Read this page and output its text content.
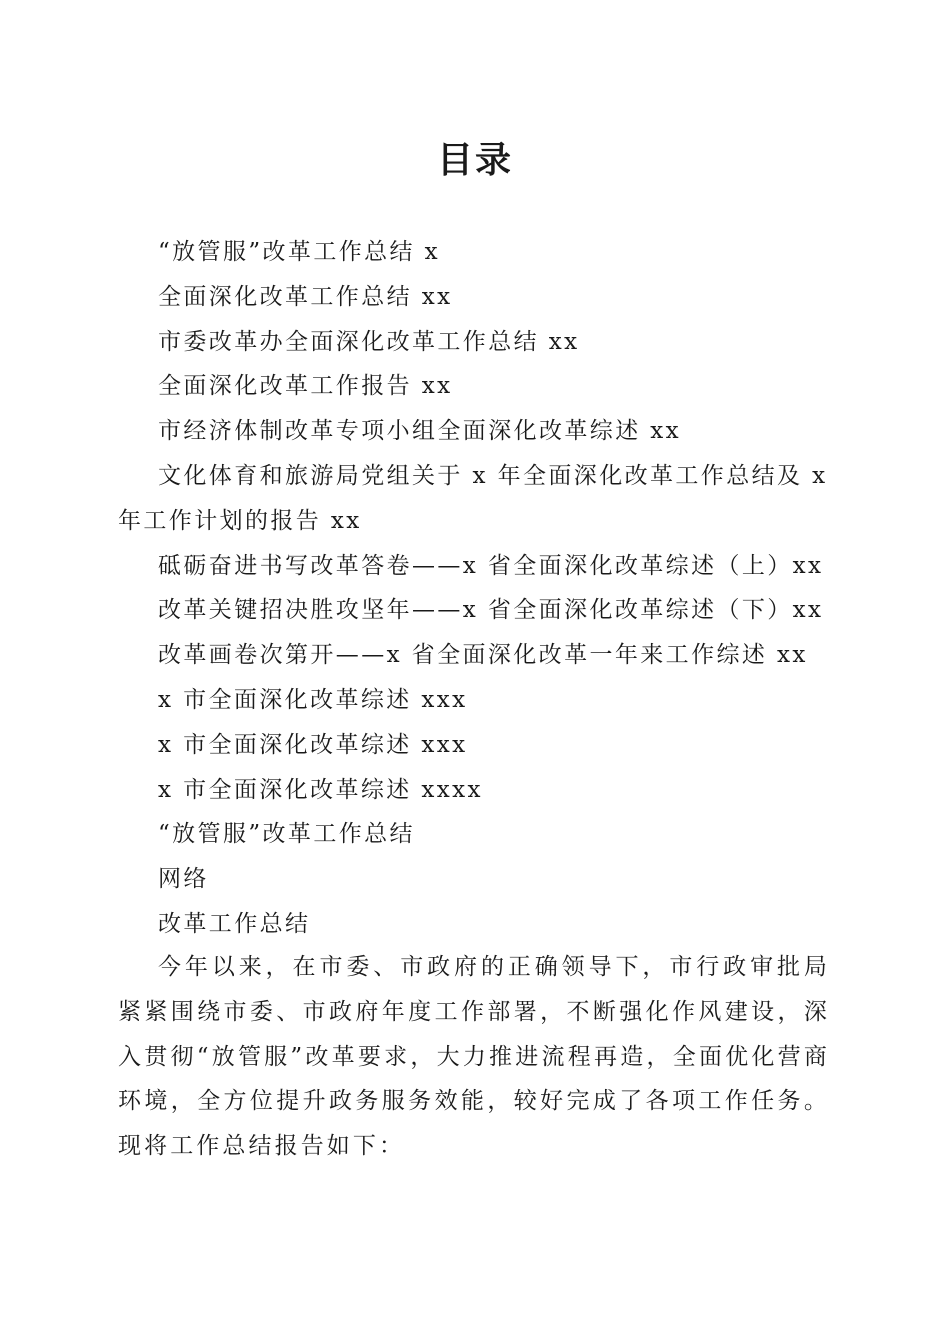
目录
“放管服”改革工作总结 x
全面深化改革工作总结 xx
市委改革办全面深化改革工作总结 xx
全面深化改革工作报告 xx
市经济体制改革专项小组全面深化改革综述 xx
文化体育和旅游局党组关于 x 年全面深化改革工作总结及 x 年工作计划的报告 xx
砥砺奋进书写改革答卷——x 省全面深化改革综述（上）xx
改革关键招决胜攻坚年——x 省全面深化改革综述（下）xx
改革画卷次第开——x 省全面深化改革一年来工作综述 xx
x 市全面深化改革综述 xxx
x 市全面深化改革综述 xxx
x 市全面深化改革综述 xxxx
“放管服”改革工作总结
网络
改革工作总结

今年以来，在市委、市政府的正确领导下，市行政审批局紧紧围绕市委、市政府年度工作部署，不断强化作风建设，深入贯彻“放管服”改革要求，大力推进流程再造，全面优化营商环境，全方位提升政务服务效能，较好完成了各项工作任务。现将工作总结报告如下：
